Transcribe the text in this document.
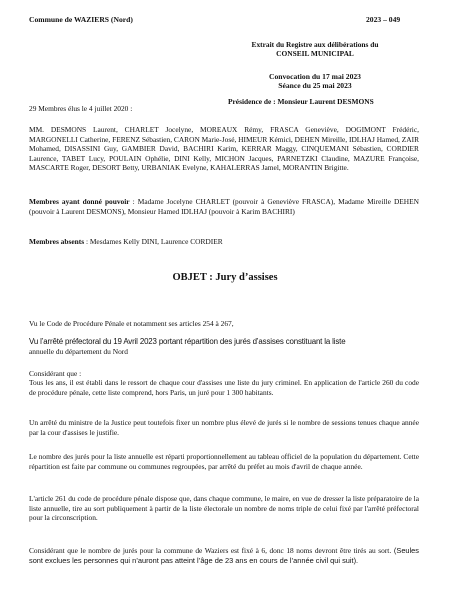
Commune de WAZIERS (Nord)	2023 – 049
Extrait du Registre aux délibérations du
CONSEIL MUNICIPAL
Convocation du 17 mai 2023
Séance du 25 mai 2023
Présidence de : Monsieur Laurent DESMONS
29 Membres élus le 4 juillet 2020 :
MM. DESMONS Laurent, CHARLET Jocelyne, MOREAUX Rémy, FRASCA Geneviève, DOGIMONT Frédéric, MARGONELLI Catherine, FERENZ Sébastien, CARON Marie-José, HIMEUR Kémici, DEHEN Mireille, IDLHAJ Hamed, ZAIR Mohamed, DISASSINI Guy, GAMBIER David, BACHIRI Karim, KERRAR Maggy, CINQUEMANI Sébastien, CORDIER Laurence, TABET Lucy, POULAIN Ophélie, DINI Kelly, MICHON Jacques, PARNETZKI Claudine, MAZURE Françoise, MASCARTE Roger, DESORT Betty, URBANIAK Evelyne, KAHALERRAS Jamel, MORANTIN Brigitte.
Membres ayant donné pouvoir : Madame Jocelyne CHARLET (pouvoir à Geneviève FRASCA), Madame Mireille DEHEN (pouvoir à Laurent DESMONS), Monsieur Hamed IDLHAJ (pouvoir à Karim BACHIRI)
Membres absents : Mesdames Kelly DINI, Laurence CORDIER
OBJET : Jury d’assises
Vu le Code de Procédure Pénale et notamment ses articles 254 à 267,
Vu l’arrêté préfectoral du 19 Avril 2023 portant répartition des jurés d’assises constituant la liste
annuelle du département du Nord
Considérant que :
Tous les ans, il est établi dans le ressort de chaque cour d'assises une liste du jury criminel. En application de l'article 260 du code de procédure pénale, cette liste comprend, hors Paris, un juré pour 1 300 habitants.
Un arrêté du ministre de la Justice peut toutefois fixer un nombre plus élevé de jurés si le nombre de sessions tenues chaque année par la cour d'assises le justifie.
Le nombre des jurés pour la liste annuelle est réparti proportionnellement au tableau officiel de la population du département. Cette répartition est faite par commune ou communes regroupées, par arrêté du préfet au mois d'avril de chaque année.
L'article 261 du code de procédure pénale dispose que, dans chaque commune, le maire, en vue de dresser la liste préparatoire de la liste annuelle, tire au sort publiquement à partir de la liste électorale un nombre de noms triple de celui fixé par l'arrêté préfectoral pour la circonscription.
Considérant que le nombre de jurés pour la commune de Waziers est fixé à 6, donc 18 noms devront être tirés au sort. (Seules sont exclues les personnes qui n’auront pas atteint l’âge de 23 ans en cours de l’année civil qui suit).
